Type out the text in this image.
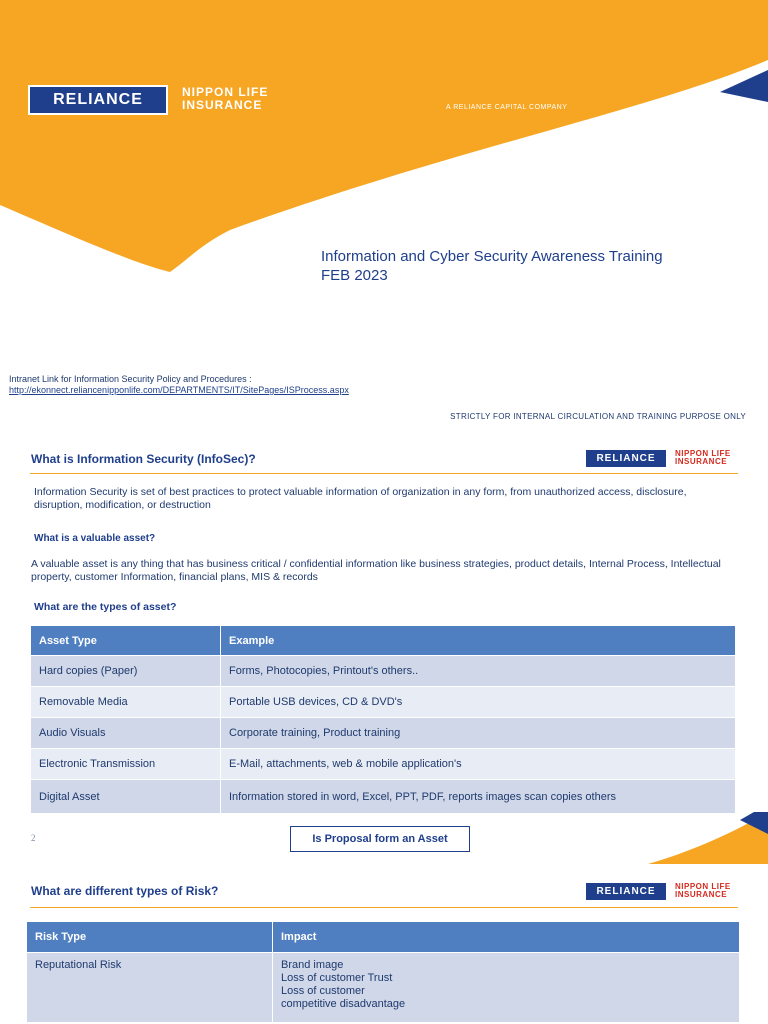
RELIANCE	NIPPON LIFE
INSURANCE	A RELIANCE CAPITAL COMPANY
Information and Cyber Security Awareness Training
FEB 2023
Intranet Link for Information Security Policy and Procedures :
http://ekonnect.reliancenipponlife.com/DEPARTMENTS/IT/SitePages/ISProcess.aspx
STRICTLY FOR INTERNAL CIRCULATION AND TRAINING PURPOSE ONLY
What is Information Security (InfoSec)?	RELIANCE	NIPPON LIFE
INSURANCE
Information Security is set of best practices to protect valuable information of organization in any form, from unauthorized access, disclosure, disruption, modification, or destruction
What is a valuable asset?
A valuable asset is any thing that has business critical / confidential information like business strategies, product details, Internal Process, Intellectual property, customer Information, financial plans, MIS & records
What are the types of asset?
Asset Type	Example
Hard copies (Paper)	Forms, Photocopies, Printout's others..
Removable Media	Portable USB devices, CD & DVD's
Audio Visuals	Corporate training, Product training
Electronic Transmission	E-Mail, attachments, web & mobile application's
Digital Asset	Information stored in word, Excel, PPT, PDF, reports images scan copies others
2	Is Proposal form an Asset
What are different types of Risk?	RELIANCE	NIPPON LIFE
INSURANCE
Risk Type	Impact
Reputational Risk	Brand image
Loss of customer Trust
Loss of customer
competitive disadvantage
